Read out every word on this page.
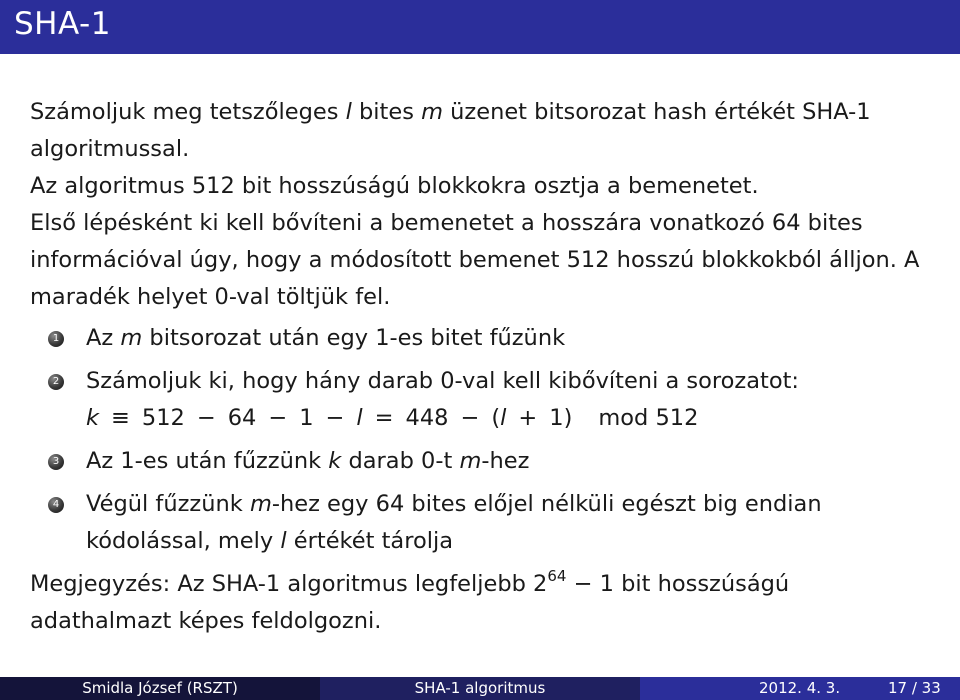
SHA-1

Számoljuk meg tetszőleges l bites m üzenet bitsorozat hash értékét SHA-1 algoritmussal.

Az algoritmus 512 bit hosszúságú blokkokra osztja a bemenetet.

Első lépésként ki kell bővíteni a bemenetet a hosszára vonatkozó 64 bites információval úgy, hogy a módosított bemenet 512 hosszú blokkokból álljon. A maradék helyet 0-val töltjük fel.

1 Az m bitsorozat után egy 1-es bitet fűzünk
2 Számoljuk ki, hogy hány darab 0-val kell kibővíteni a sorozatot:
k ≡ 512 − 64 − 1 − l = 448 − (l + 1) mod 512
3 Az 1-es után fűzzünk k darab 0-t m-hez
4 Végül fűzzünk m-hez egy 64 bites előjel nélküli egészt big endian kódolással, mely l értékét tárolja

Megjegyzés: Az SHA-1 algoritmus legfeljebb $2^{64} - 1$ bit hosszúságú adathalmazt képes feldolgozni.

Smidla József (RSZT)	SHA-1 algoritmus	2012. 4. 3.	17 / 33
